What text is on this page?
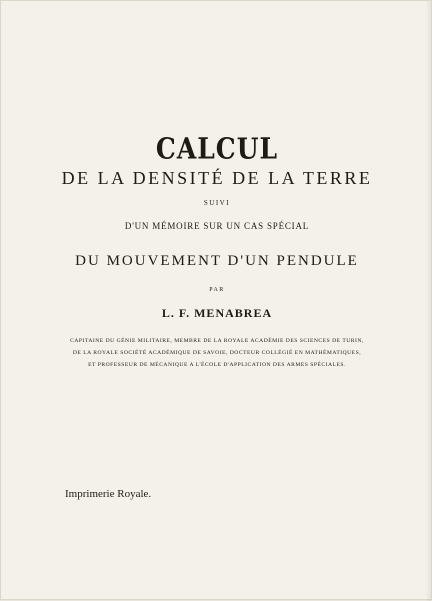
CALCUL
DE LA DENSITÉ DE LA TERRE
SUIVI
D'UN MÉMOIRE SUR UN CAS SPÉCIAL
DU MOUVEMENT D'UN PENDULE
PAR
L. F. MENABREA
CAPITAINE DU GÉNIE MILITAIRE, MEMBRE DE LA ROYALE ACADÉMIE DES SCIENCES DE TURIN,
DE LA ROYALE SOCIÉTÉ ACADÉMIQUE DE SAVOIE, DOCTEUR COLLÉGIÉ EN MATHÉMATIQUES,
ET PROFESSEUR DE MÉCANIQUE A L'ÉCOLE D'APPLICATION DES ARMES SPÉCIALES.
Imprimerie Royale.
